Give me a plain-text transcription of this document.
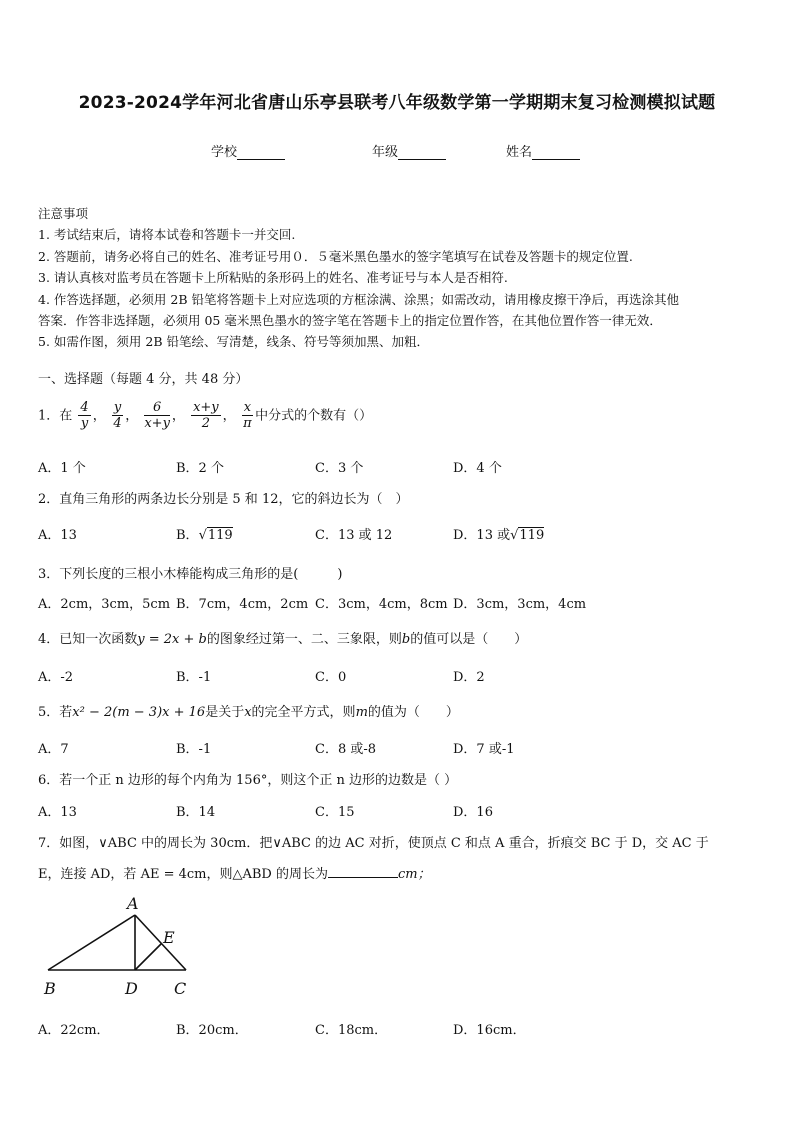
2023-2024学年河北省唐山乐亭县联考八年级数学第一学期期末复习检测模拟试题
学校	年级	姓名
注意事项
1. 考试结束后，请将本试卷和答题卡一并交回.
2. 答题前，请务必将自己的姓名、准考证号用０．５毫米黑色墨水的签字笔填写在试卷及答题卡的规定位置.
3. 请认真核对监考员在答题卡上所粘贴的条形码上的姓名、准考证号与本人是否相符.
4. 作答选择题，必须用 2B 铅笔将答题卡上对应选项的方框涂满、涂黑；如需改动，请用橡皮擦干净后，再选涂其他
答案．作答非选择题，必须用 05 毫米黑色墨水的签字笔在答题卡上的指定位置作答，在其他位置作答一律无效．
5. 如需作图，须用 2B 铅笔绘、写清楚，线条、符号等须加黑、加粗．
一、选择题（每题 4 分，共 48 分）
1．在 $\frac{4}{y}$ ， $\frac{y}{4}$ ， $\frac{6}{x+y}$ ， $\frac{x+y}{2}$ ， $\frac{x}{\pi}$ 中分式的个数有（）
A．1 个	B．2 个	C．3 个	D．4 个
2．直角三角形的两条边长分别是 5 和 12，它的斜边长为（　）
A．13	B．√119	C．13 或 12	D．13 或√119
3．下列长度的三根小木棒能构成三角形的是(　　　)
A．2cm，3cm，5cm B．7cm，4cm，2cm C．3cm，4cm，8cm D．3cm，3cm，4cm
4．已知一次函数y = 2x + b的图象经过第一、二、三象限，则b的值可以是（　　）
A．-2	B．-1	C．0	D．2
5．若x² − 2(m − 3)x + 16是关于x的完全平方式，则m的值为（　　）
A．7	B．-1	C．8 或-8	D．7 或-1
6．若一个正 n 边形的每个内角为 156°，则这个正 n 边形的边数是（ ）
A．13	B．14	C．15	D．16
7．如图，∨ABC 中的周长为 30cm．把∨ABC 的边 AC 对折，使顶点 C 和点 A 重合，折痕交 BC 于 D，交 AC 于
E，连接 AD，若 AE = 4cm，则△ABD 的周长为	cm；
A
E
B	D C
A．22cm．	B．20cm．	C．18cm．	D．16cm．
